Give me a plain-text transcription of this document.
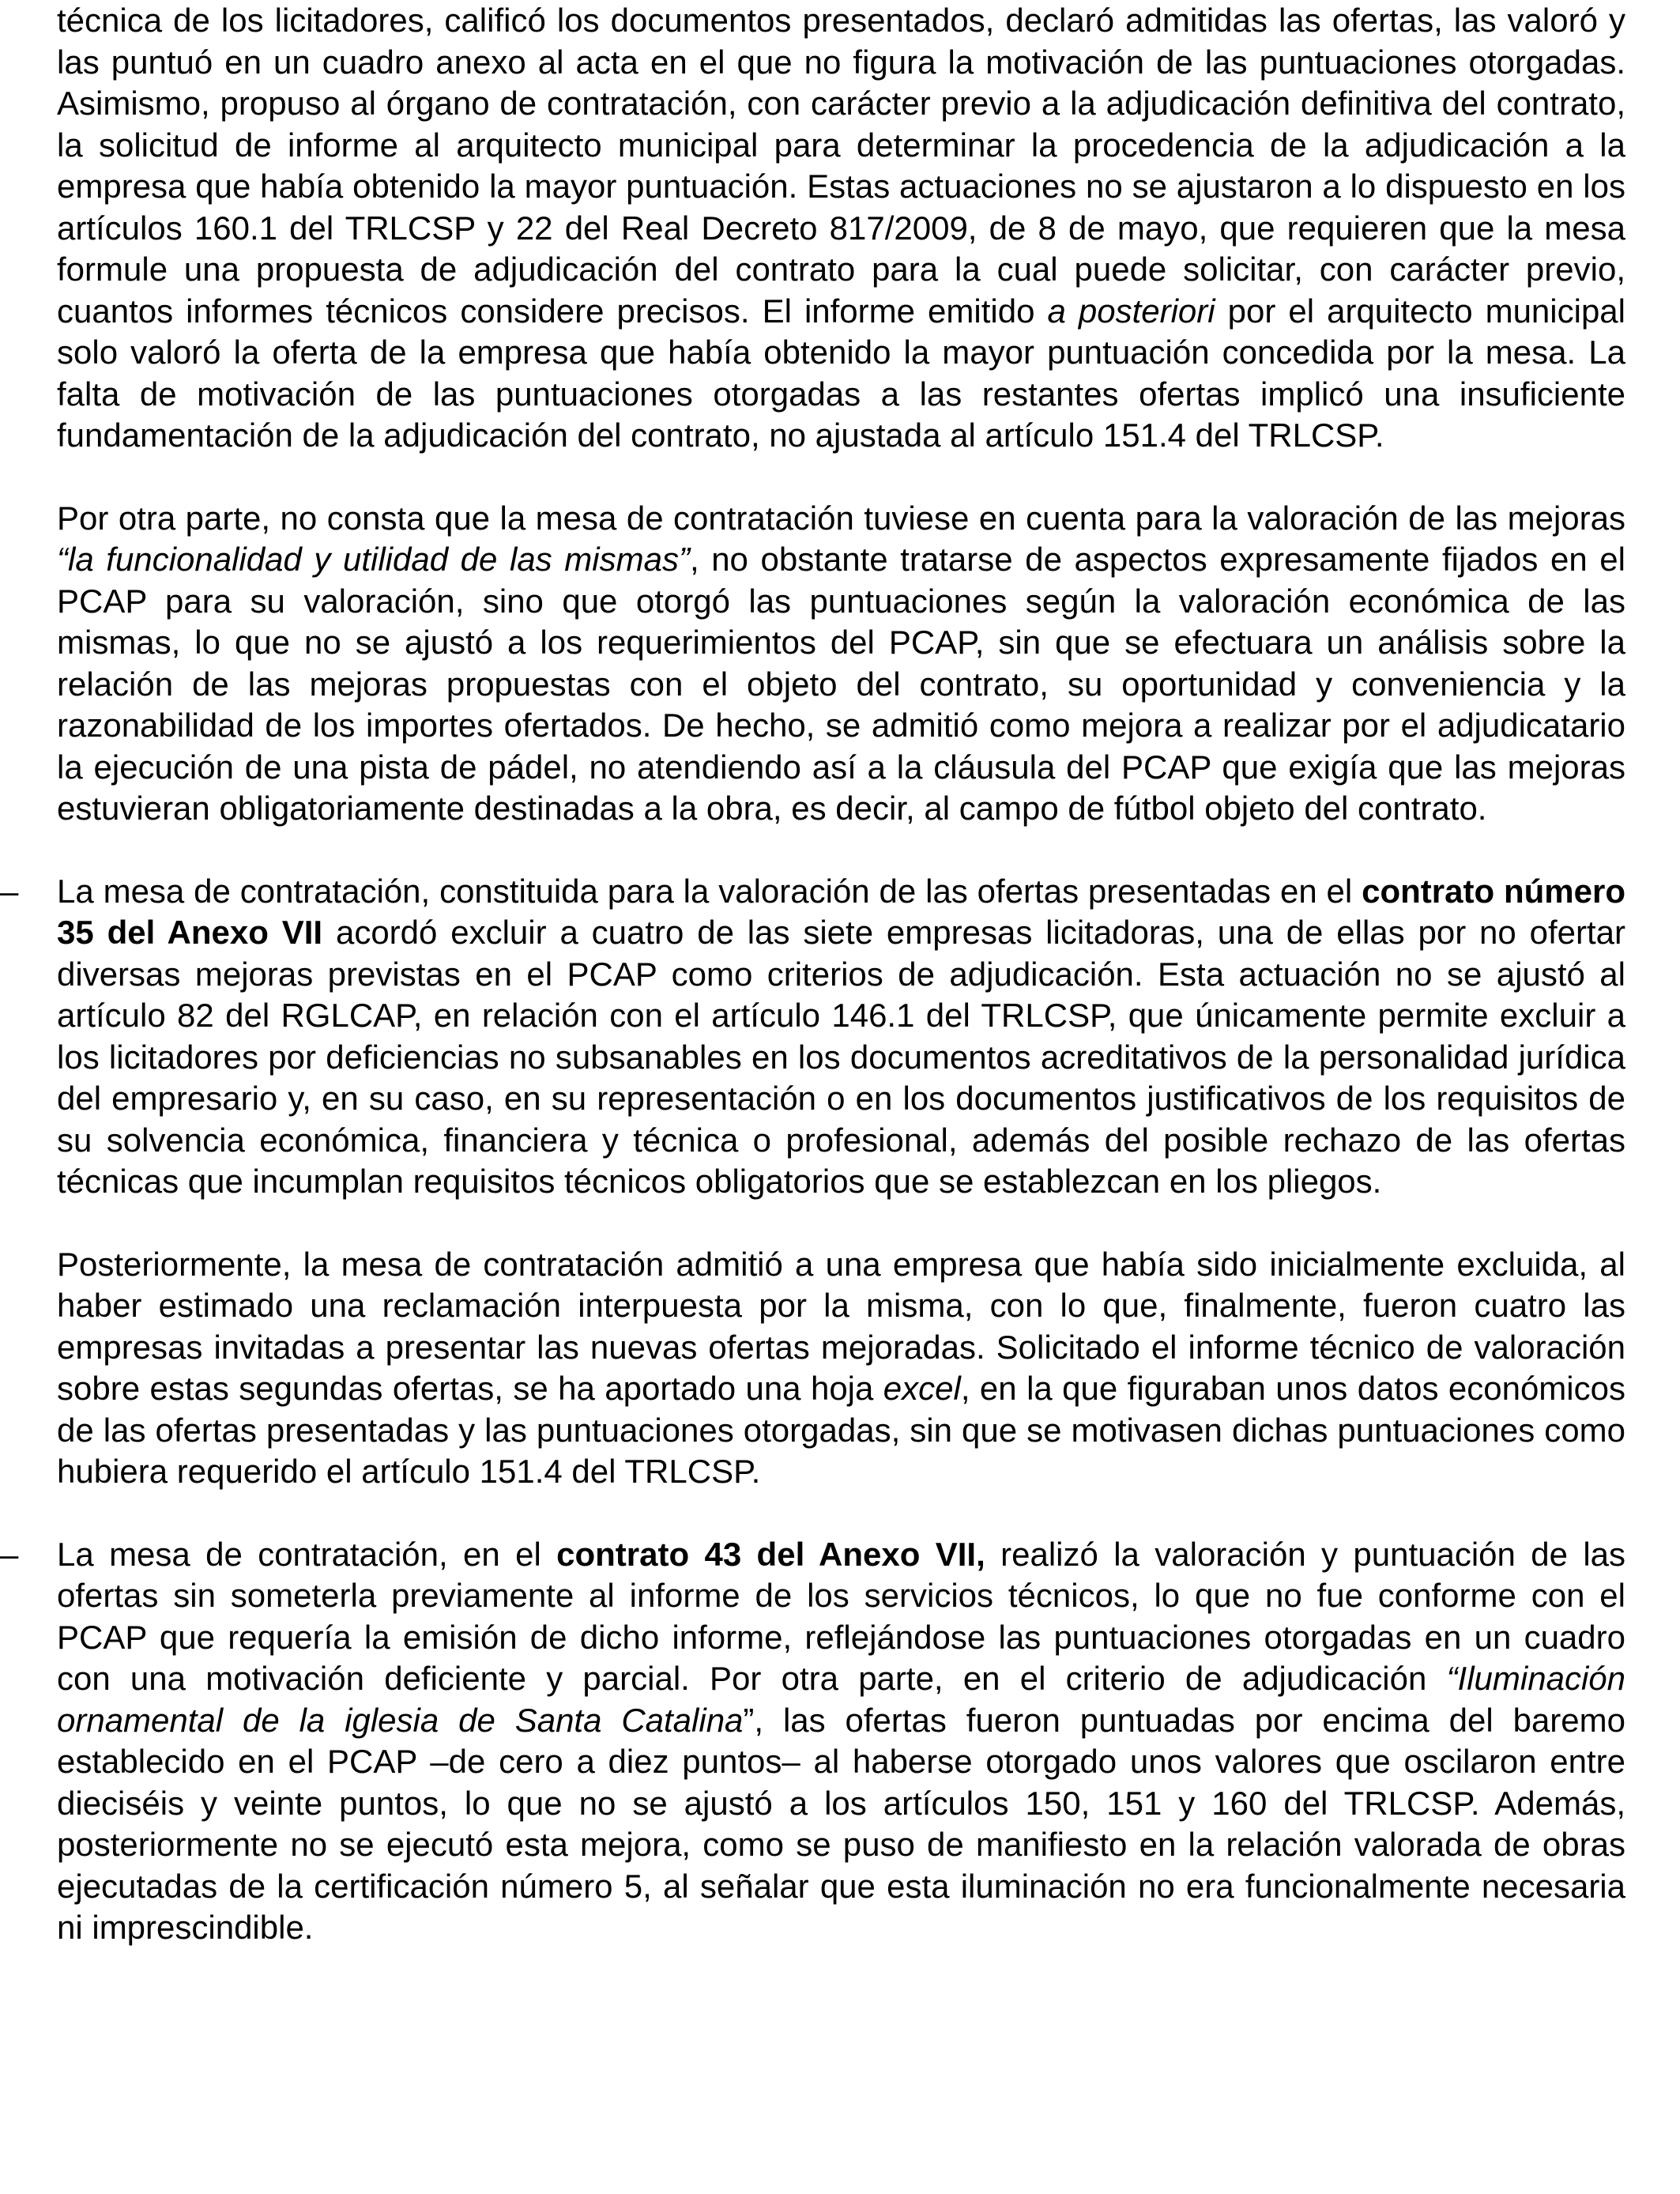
técnica de los licitadores, calificó los documentos presentados, declaró admitidas las ofertas, las valoró y las puntuó en un cuadro anexo al acta en el que no figura la motivación de las puntuaciones otorgadas. Asimismo, propuso al órgano de contratación, con carácter previo a la adjudicación definitiva del contrato, la solicitud de informe al arquitecto municipal para determinar la procedencia de la adjudicación a la empresa que había obtenido la mayor puntuación. Estas actuaciones no se ajustaron a lo dispuesto en los artículos 160.1 del TRLCSP y 22 del Real Decreto 817/2009, de 8 de mayo, que requieren que la mesa formule una propuesta de adjudicación del contrato para la cual puede solicitar, con carácter previo, cuantos informes técnicos considere precisos. El informe emitido a posteriori por el arquitecto municipal solo valoró la oferta de la empresa que había obtenido la mayor puntuación concedida por la mesa. La falta de motivación de las puntuaciones otorgadas a las restantes ofertas implicó una insuficiente fundamentación de la adjudicación del contrato, no ajustada al artículo 151.4 del TRLCSP.

Por otra parte, no consta que la mesa de contratación tuviese en cuenta para la valoración de las mejoras “la funcionalidad y utilidad de las mismas”, no obstante tratarse de aspectos expresamente fijados en el PCAP para su valoración, sino que otorgó las puntuaciones según la valoración económica de las mismas, lo que no se ajustó a los requerimientos del PCAP, sin que se efectuara un análisis sobre la relación de las mejoras propuestas con el objeto del contrato, su oportunidad y conveniencia y la razonabilidad de los importes ofertados. De hecho, se admitió como mejora a realizar por el adjudicatario la ejecución de una pista de pádel, no atendiendo así a la cláusula del PCAP que exigía que las mejoras estuvieran obligatoriamente destinadas a la obra, es decir, al campo de fútbol objeto del contrato.

–	La mesa de contratación, constituida para la valoración de las ofertas presentadas en el contrato número 35 del Anexo VII acordó excluir a cuatro de las siete empresas licitadoras, una de ellas por no ofertar diversas mejoras previstas en el PCAP como criterios de adjudicación. Esta actuación no se ajustó al artículo 82 del RGLCAP, en relación con el artículo 146.1 del TRLCSP, que únicamente permite excluir a los licitadores por deficiencias no subsanables en los documentos acreditativos de la personalidad jurídica del empresario y, en su caso, en su representación o en los documentos justificativos de los requisitos de su solvencia económica, financiera y técnica o profesional, además del posible rechazo de las ofertas técnicas que incumplan requisitos técnicos obligatorios que se establezcan en los pliegos.

Posteriormente, la mesa de contratación admitió a una empresa que había sido inicialmente excluida, al haber estimado una reclamación interpuesta por la misma, con lo que, finalmente, fueron cuatro las empresas invitadas a presentar las nuevas ofertas mejoradas. Solicitado el informe técnico de valoración sobre estas segundas ofertas, se ha aportado una hoja excel, en la que figuraban unos datos económicos de las ofertas presentadas y las puntuaciones otorgadas, sin que se motivasen dichas puntuaciones como hubiera requerido el artículo 151.4 del TRLCSP.

–	La mesa de contratación, en el contrato 43 del Anexo VII, realizó la valoración y puntuación de las ofertas sin someterla previamente al informe de los servicios técnicos, lo que no fue conforme con el PCAP que requería la emisión de dicho informe, reflejándose las puntuaciones otorgadas en un cuadro con una motivación deficiente y parcial. Por otra parte, en el criterio de adjudicación “Iluminación ornamental de la iglesia de Santa Catalina”, las ofertas fueron puntuadas por encima del baremo establecido en el PCAP –de cero a diez puntos– al haberse otorgado unos valores que oscilaron entre dieciséis y veinte puntos, lo que no se ajustó a los artículos 150, 151 y 160 del TRLCSP. Además, posteriormente no se ejecutó esta mejora, como se puso de manifiesto en la relación valorada de obras ejecutadas de la certificación número 5, al señalar que esta iluminación no era funcionalmente necesaria ni imprescindible.
